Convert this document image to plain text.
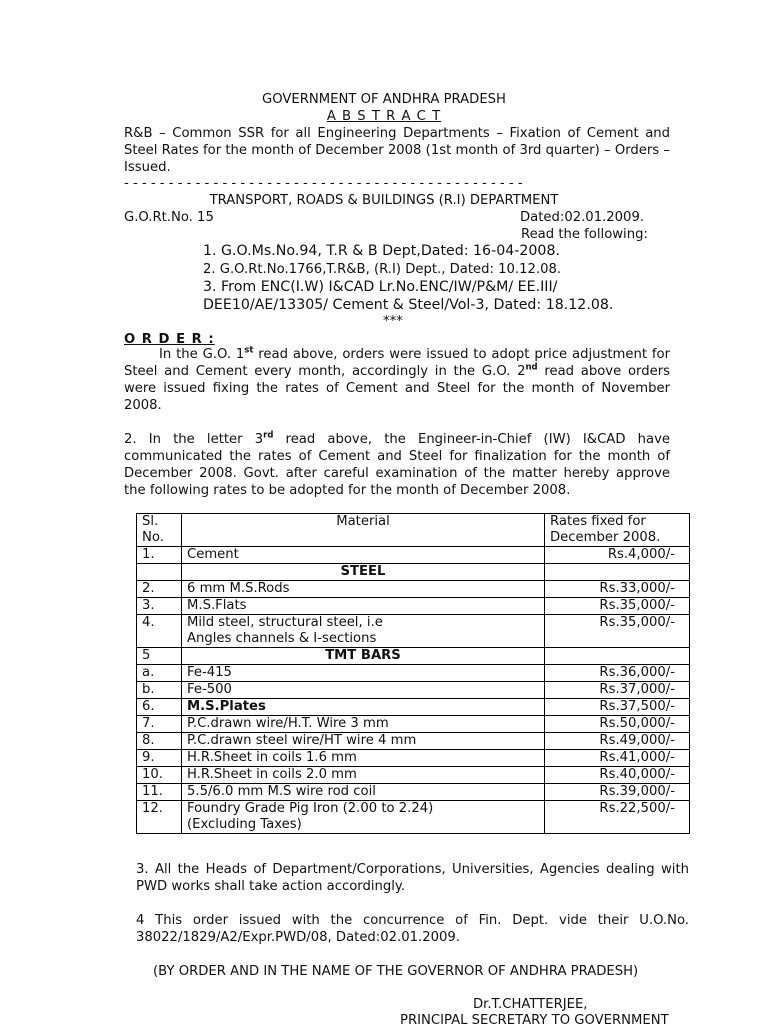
GOVERNMENT OF ANDHRA PRADESH
A B S T R A C T
R&B – Common SSR for all Engineering Departments – Fixation of Cement and Steel Rates for the month of December 2008 (1st month of 3rd quarter) – Orders – Issued.
- - - - - - - - - - - - - - - - - - - - - - - - - - - - - - - - - - - - - - - - - - - - -
TRANSPORT, ROADS & BUILDINGS (R.I) DEPARTMENT
G.O.Rt.No. 15	Dated:02.01.2009.
Read the following:
1. G.O.Ms.No.94, T.R & B Dept,Dated: 16-04-2008.
2. G.O.Rt.No.1766,T.R&B, (R.I) Dept., Dated: 10.12.08.
3. From ENC(I.W) I&CAD Lr.No.ENC/IW/P&M/ EE.III/
DEE10/AE/13305/ Cement & Steel/Vol-3, Dated: 18.12.08.
***
O R D E R :
In the G.O. 1st read above, orders were issued to adopt price adjustment for Steel and Cement every month, accordingly in the G.O. 2nd read above orders were issued fixing the rates of Cement and Steel for the month of November 2008.
2. In the letter 3rd read above, the Engineer-in-Chief (IW) I&CAD have communicated the rates of Cement and Steel for finalization for the month of December 2008. Govt. after careful examination of the matter hereby approve the following rates to be adopted for the month of December 2008.
Sl.
No.	Material	Rates fixed for
December 2008.
1.	Cement	Rs.4,000/-
	STEEL	
2.	6 mm M.S.Rods	Rs.33,000/-
3.	M.S.Flats	Rs.35,000/-
4.	Mild steel, structural steel, i.e
Angles channels & I-sections	Rs.35,000/-
5	TMT BARS	
a.	Fe-415	Rs.36,000/-
b.	Fe-500	Rs.37,000/-
6.	M.S.Plates	Rs.37,500/-
7.	P.C.drawn wire/H.T. Wire 3 mm	Rs.50,000/-
8.	P.C.drawn steel wire/HT wire 4 mm	Rs.49,000/-
9.	H.R.Sheet in coils 1.6 mm	Rs.41,000/-
10.	H.R.Sheet in coils 2.0 mm	Rs.40,000/-
11.	5.5/6.0 mm M.S wire rod coil	Rs.39,000/-
12.	Foundry Grade Pig Iron (2.00 to 2.24)
(Excluding Taxes)	Rs.22,500/-
3. All the Heads of Department/Corporations, Universities, Agencies dealing with PWD works shall take action accordingly.
4 This order issued with the concurrence of Fin. Dept. vide their U.O.No. 38022/1829/A2/Expr.PWD/08, Dated:02.01.2009.
(BY ORDER AND IN THE NAME OF THE GOVERNOR OF ANDHRA PRADESH)
Dr.T.CHATTERJEE,
PRINCIPAL SECRETARY TO GOVERNMENT
